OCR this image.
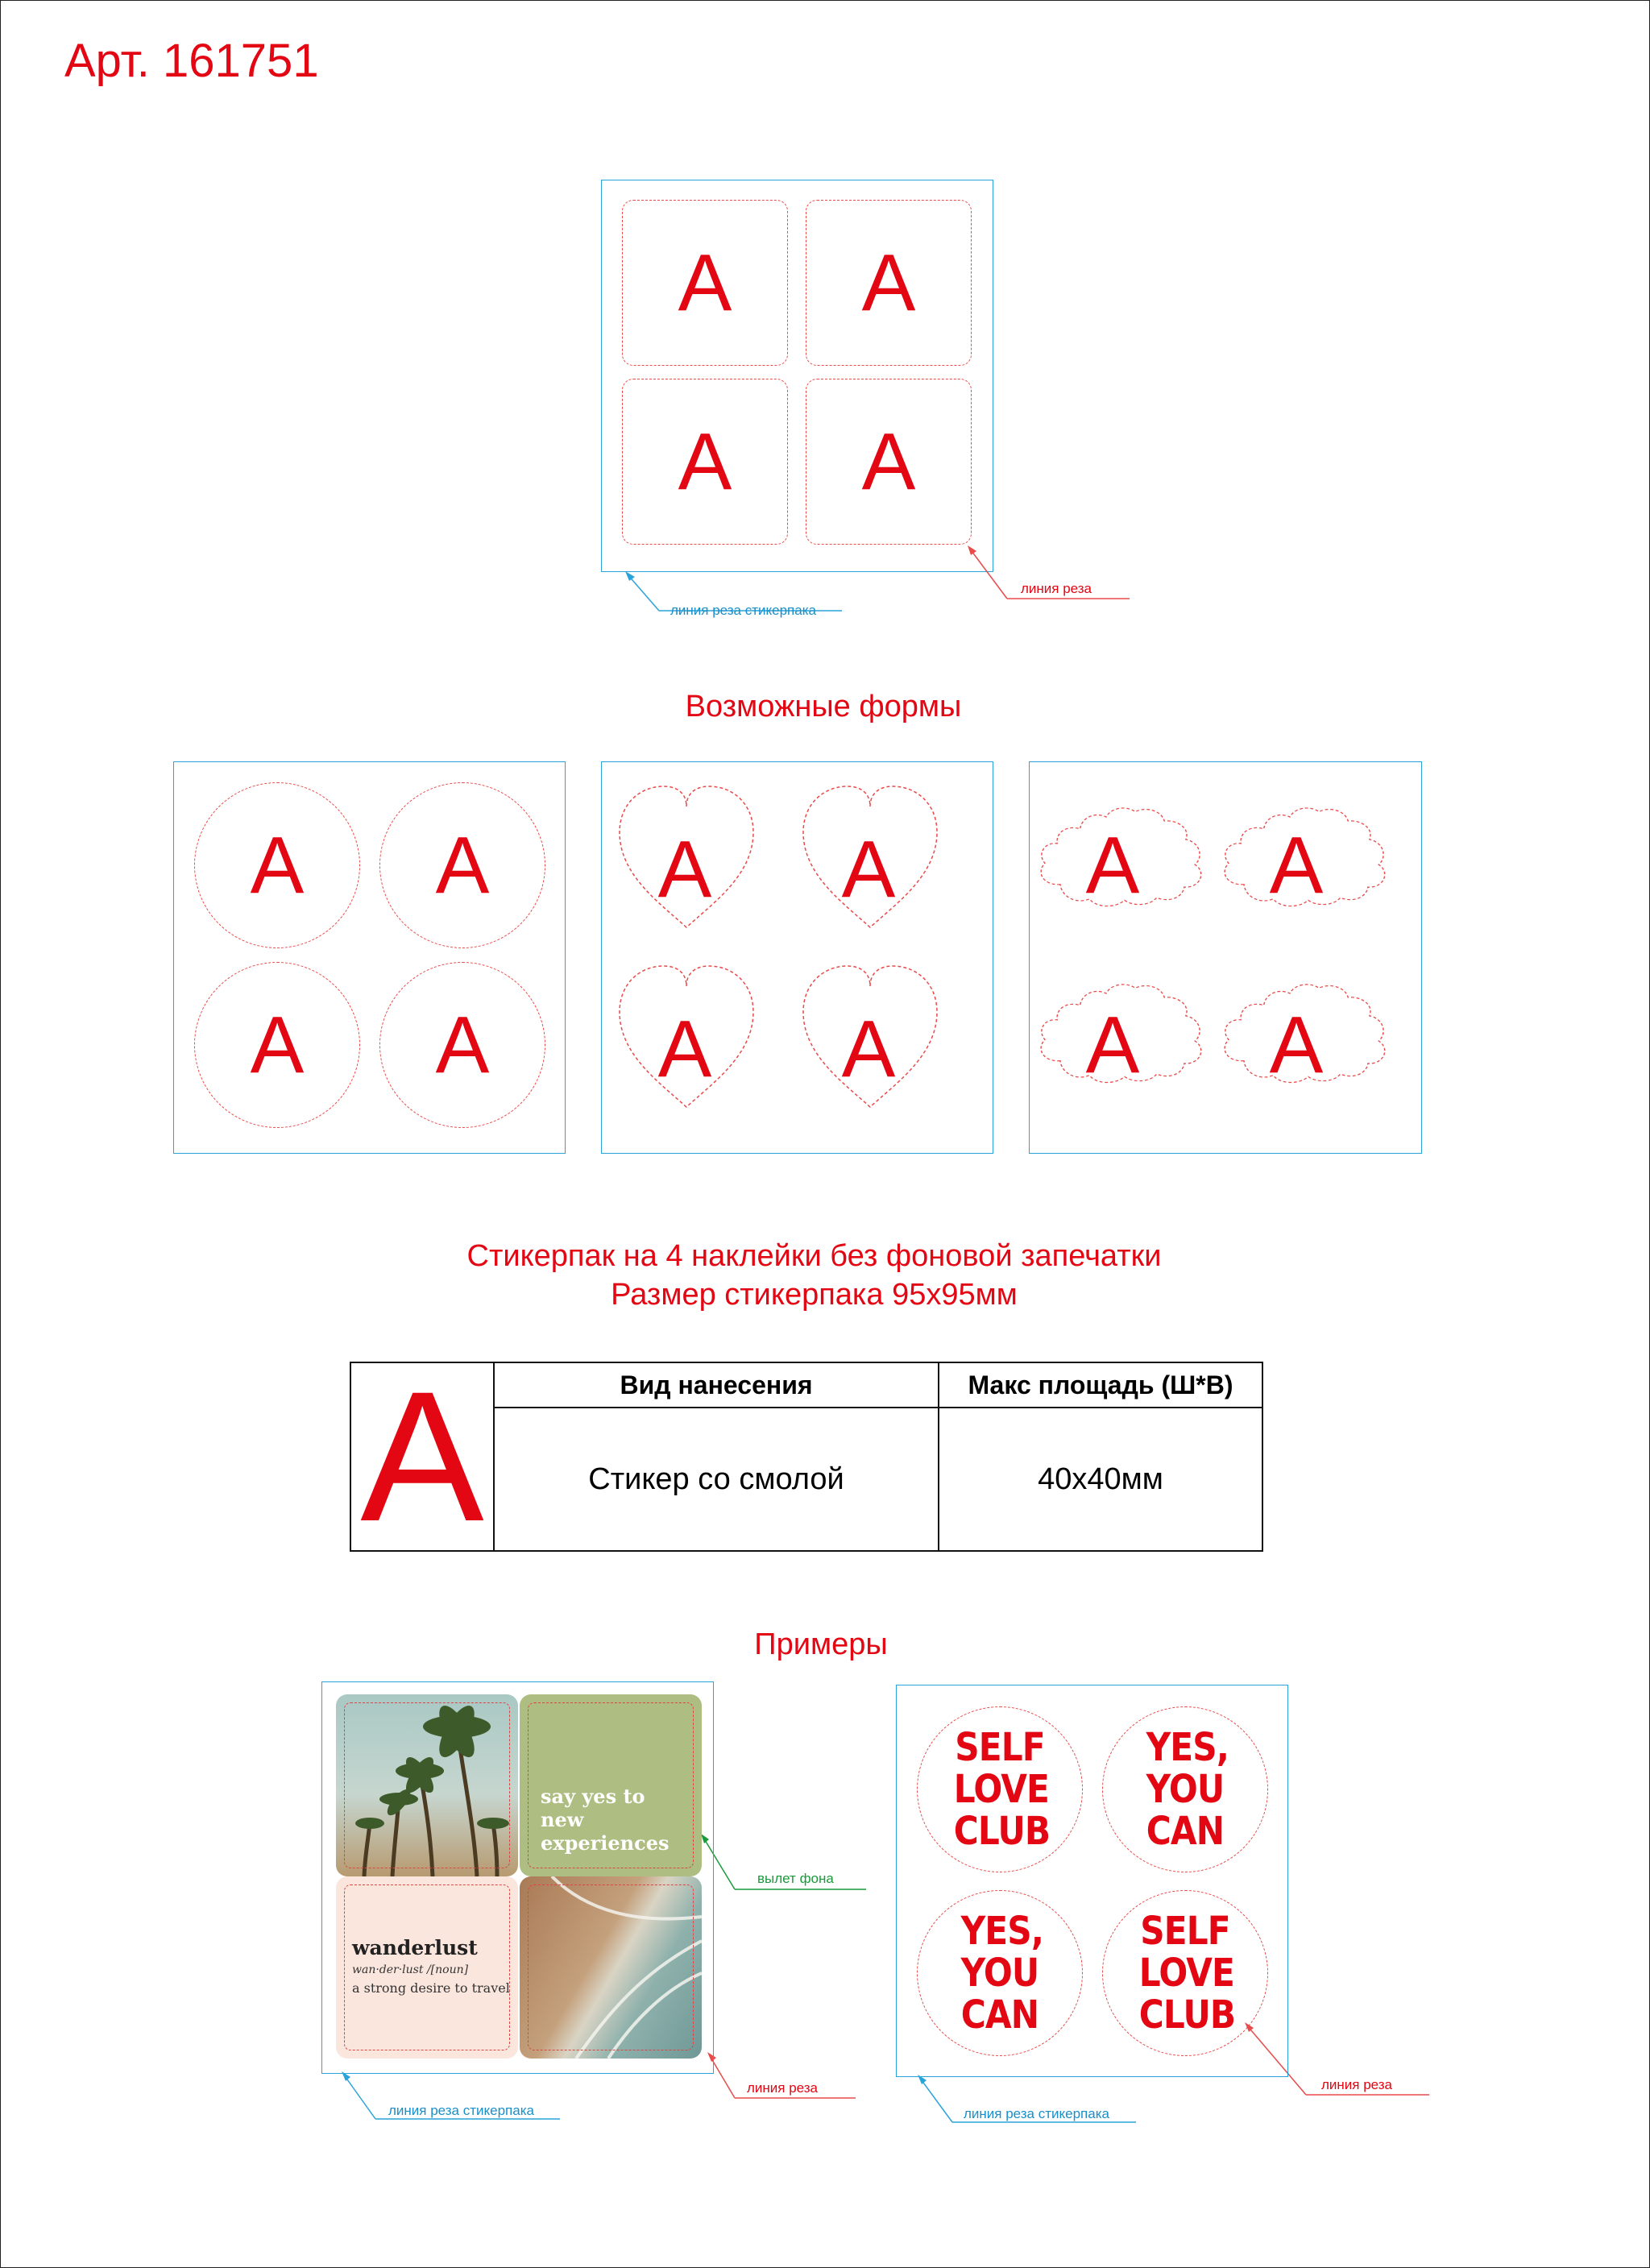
Арт. 161751
A A
A A
линия реза стикерпака
линия реза
Возможные формы
A A
A A
A A
A A
A A
A A
Стикерпак на 4 наклейки без фоновой запечатки
Размер стикерпака 95х95мм
A	Вид нанесения	Макс площадь (Ш*В)
	Стикер со смолой	40х40мм
Примеры
say yes to new experiences
wanderlust
wan·der·lust /[noun]
a strong desire to travel
линия реза стикерпака
вылет фона
линия реза
SELF LOVE CLUB
YES, YOU CAN
YES, YOU CAN
SELF LOVE CLUB
линия реза стикерпака
линия реза
